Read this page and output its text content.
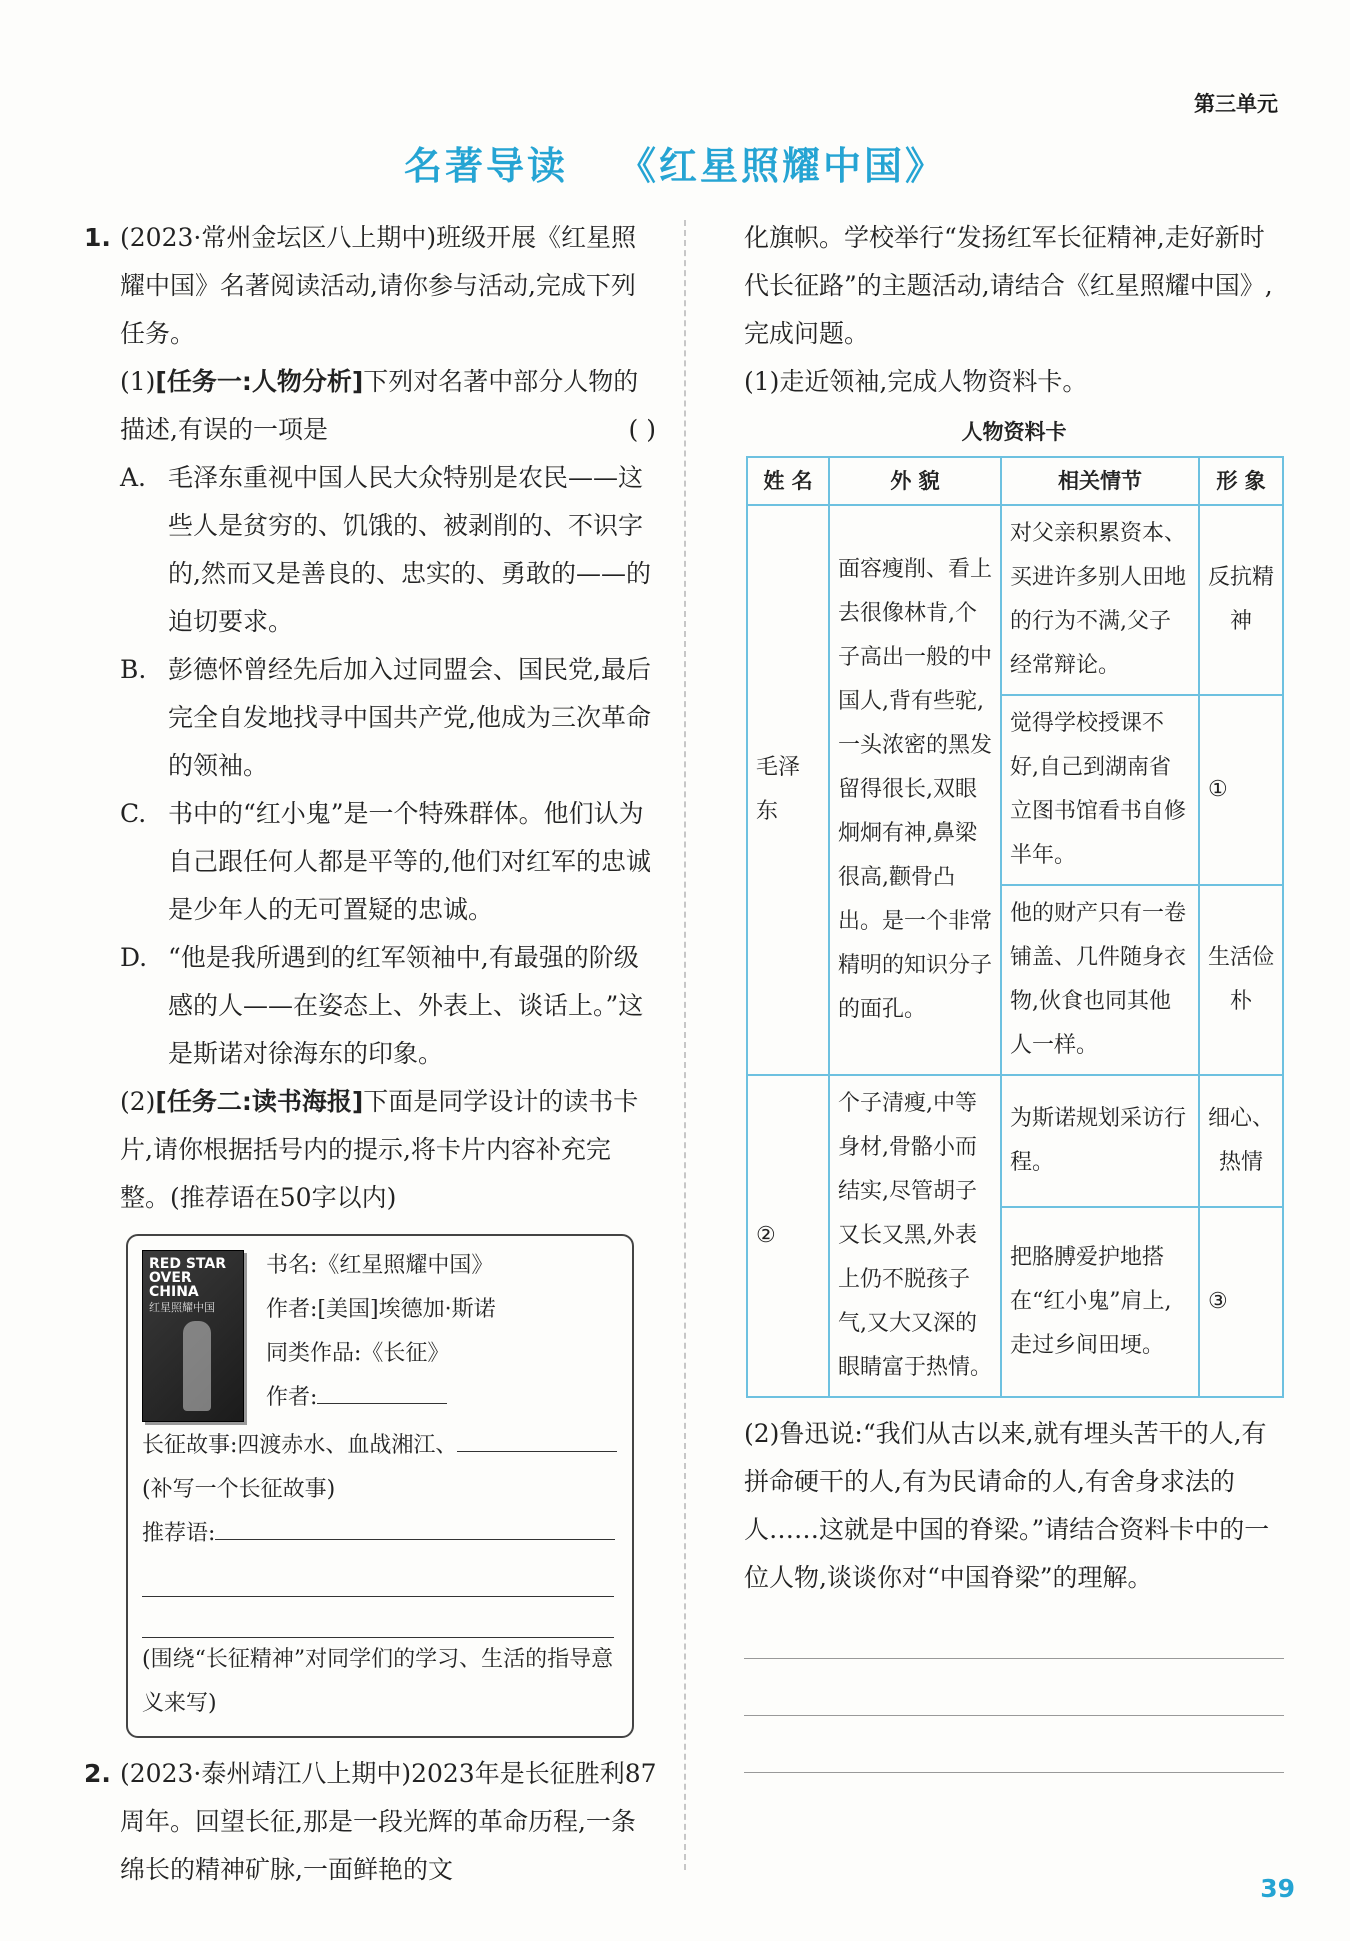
第三单元
名著导读 《红星照耀中国》

1. (2023·常州金坛区八上期中)班级开展《红星照耀中国》名著阅读活动,请你参与活动,完成下列任务。

(1)[任务一:人物分析]下列对名著中部分人物的描述,有误的一项是	( )

A. 毛泽东重视中国人民大众特别是农民——这些人是贫穷的、饥饿的、被剥削的、不识字的,然而又是善良的、忠实的、勇敢的——的迫切要求。

B. 彭德怀曾经先后加入过同盟会、国民党,最后完全自发地找寻中国共产党,他成为三次革命的领袖。

C. 书中的“红小鬼”是一个特殊群体。他们认为自己跟任何人都是平等的,他们对红军的忠诚是少年人的无可置疑的忠诚。

D. “他是我所遇到的红军领袖中,有最强的阶级感的人——在姿态上、外表上、谈话上。”这是斯诺对徐海东的印象。

(2)[任务二:读书海报]下面是同学设计的读书卡片,请你根据括号内的提示,将卡片内容补充完整。(推荐语在50字以内)

RED STAR OVER CHINA
红星照耀中国
书名:《红星照耀中国》
作者:[美国]埃德加·斯诺
同类作品:《长征》
作者:
长征故事:四渡赤水、血战湘江、
(补写一个长征故事)
推荐语:
(围绕“长征精神”对同学们的学习、生活的指导意义来写)

2. (2023·泰州靖江八上期中)2023年是长征胜利87周年。回望长征,那是一段光辉的革命历程,一条绵长的精神矿脉,一面鲜艳的文

化旗帜。学校举行“发扬红军长征精神,走好新时代长征路”的主题活动,请结合《红星照耀中国》,完成问题。

(1)走近领袖,完成人物资料卡。

人物资料卡
姓 名	外 貌	相关情节	形 象
毛泽东	面容瘦削、看上去很像林肯,个子高出一般的中国人,背有些驼,一头浓密的黑发留得很长,双眼炯炯有神,鼻梁很高,颧骨凸出。是一个非常精明的知识分子的面孔。	对父亲积累资本、买进许多别人田地的行为不满,父子经常辩论。	反抗精神
		觉得学校授课不好,自己到湖南省立图书馆看书自修半年。	①
		他的财产只有一卷铺盖、几件随身衣物,伙食也同其他人一样。	生活俭朴
②	个子清瘦,中等身材,骨骼小而结实,尽管胡子又长又黑,外表上仍不脱孩子气,又大又深的眼睛富于热情。	为斯诺规划采访行程。	细心、热情
		把胳膊爱护地搭在“红小鬼”肩上,走过乡间田埂。	③

(2)鲁迅说:“我们从古以来,就有埋头苦干的人,有拼命硬干的人,有为民请命的人,有舍身求法的人……这就是中国的脊梁。”请结合资料卡中的一位人物,谈谈你对“中国脊梁”的理解。

39
